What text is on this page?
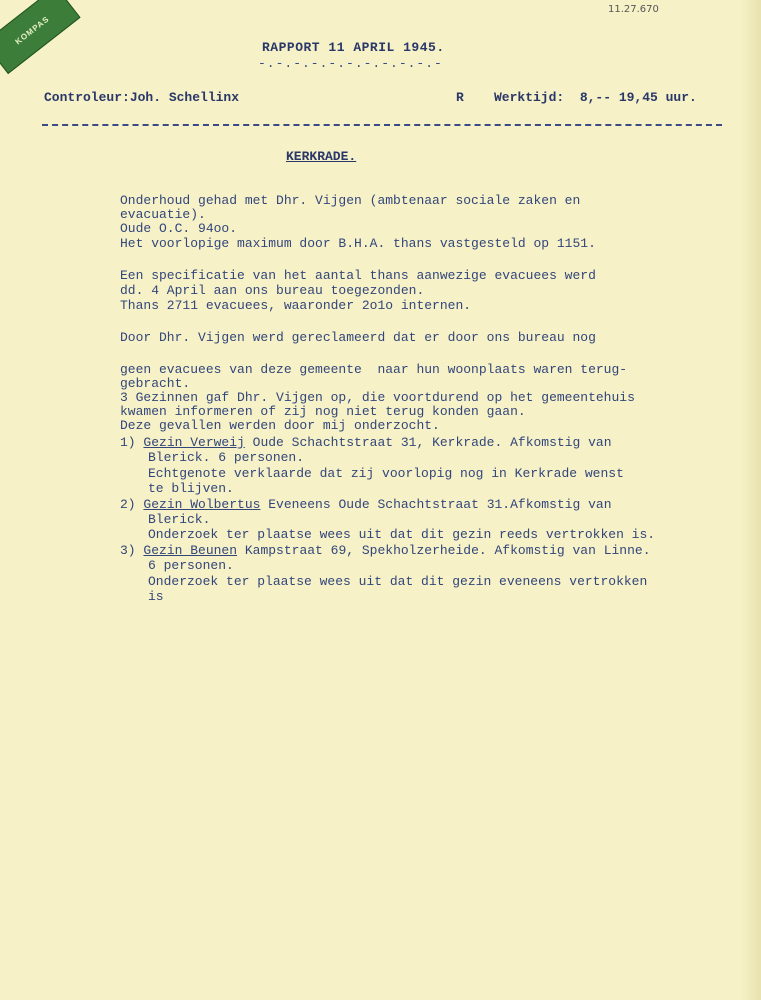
KOMPAS
11.27.670
RAPPORT 11 APRIL 1945.
-.-.-.-.-.-.-.-.-.-.-
Controleur:Joh. Schellinx	R Werktijd:  8,-- 19,45 uur.
KERKRADE.
Onderhoud gehad met Dhr. Vijgen (ambtenaar sociale zaken en
evacuatie).
Oude O.C. 94oo.
Het voorlopige maximum door B.H.A. thans vastgesteld op 1151.
Een specificatie van het aantal thans aanwezige evacuees werd
dd. 4 April aan ons bureau toegezonden.
Thans 2711 evacuees, waaronder 2o1o internen.
Door Dhr. Vijgen werd gereclameerd dat er door ons bureau nog
geen evacuees van deze gemeente  naar hun woonplaats waren terug-
gebracht.
3 Gezinnen gaf Dhr. Vijgen op, die voortdurend op het gemeentehuis
kwamen informeren of zij nog niet terug konden gaan.
Deze gevallen werden door mij onderzocht.
1) Gezin Verweij Oude Schachtstraat 31, Kerkrade. Afkomstig van
Blerick. 6 personen.
Echtgenote verklaarde dat zij voorlopig nog in Kerkrade wenst
te blijven.
2) Gezin Wolbertus Eveneens Oude Schachtstraat 31.Afkomstig van
Blerick.
Onderzoek ter plaatse wees uit dat dit gezin reeds vertrokken is.
3) Gezin Beunen Kampstraat 69, Spekholzerheide. Afkomstig van Linne.
6 personen.
Onderzoek ter plaatse wees uit dat dit gezin eveneens vertrokken
is
